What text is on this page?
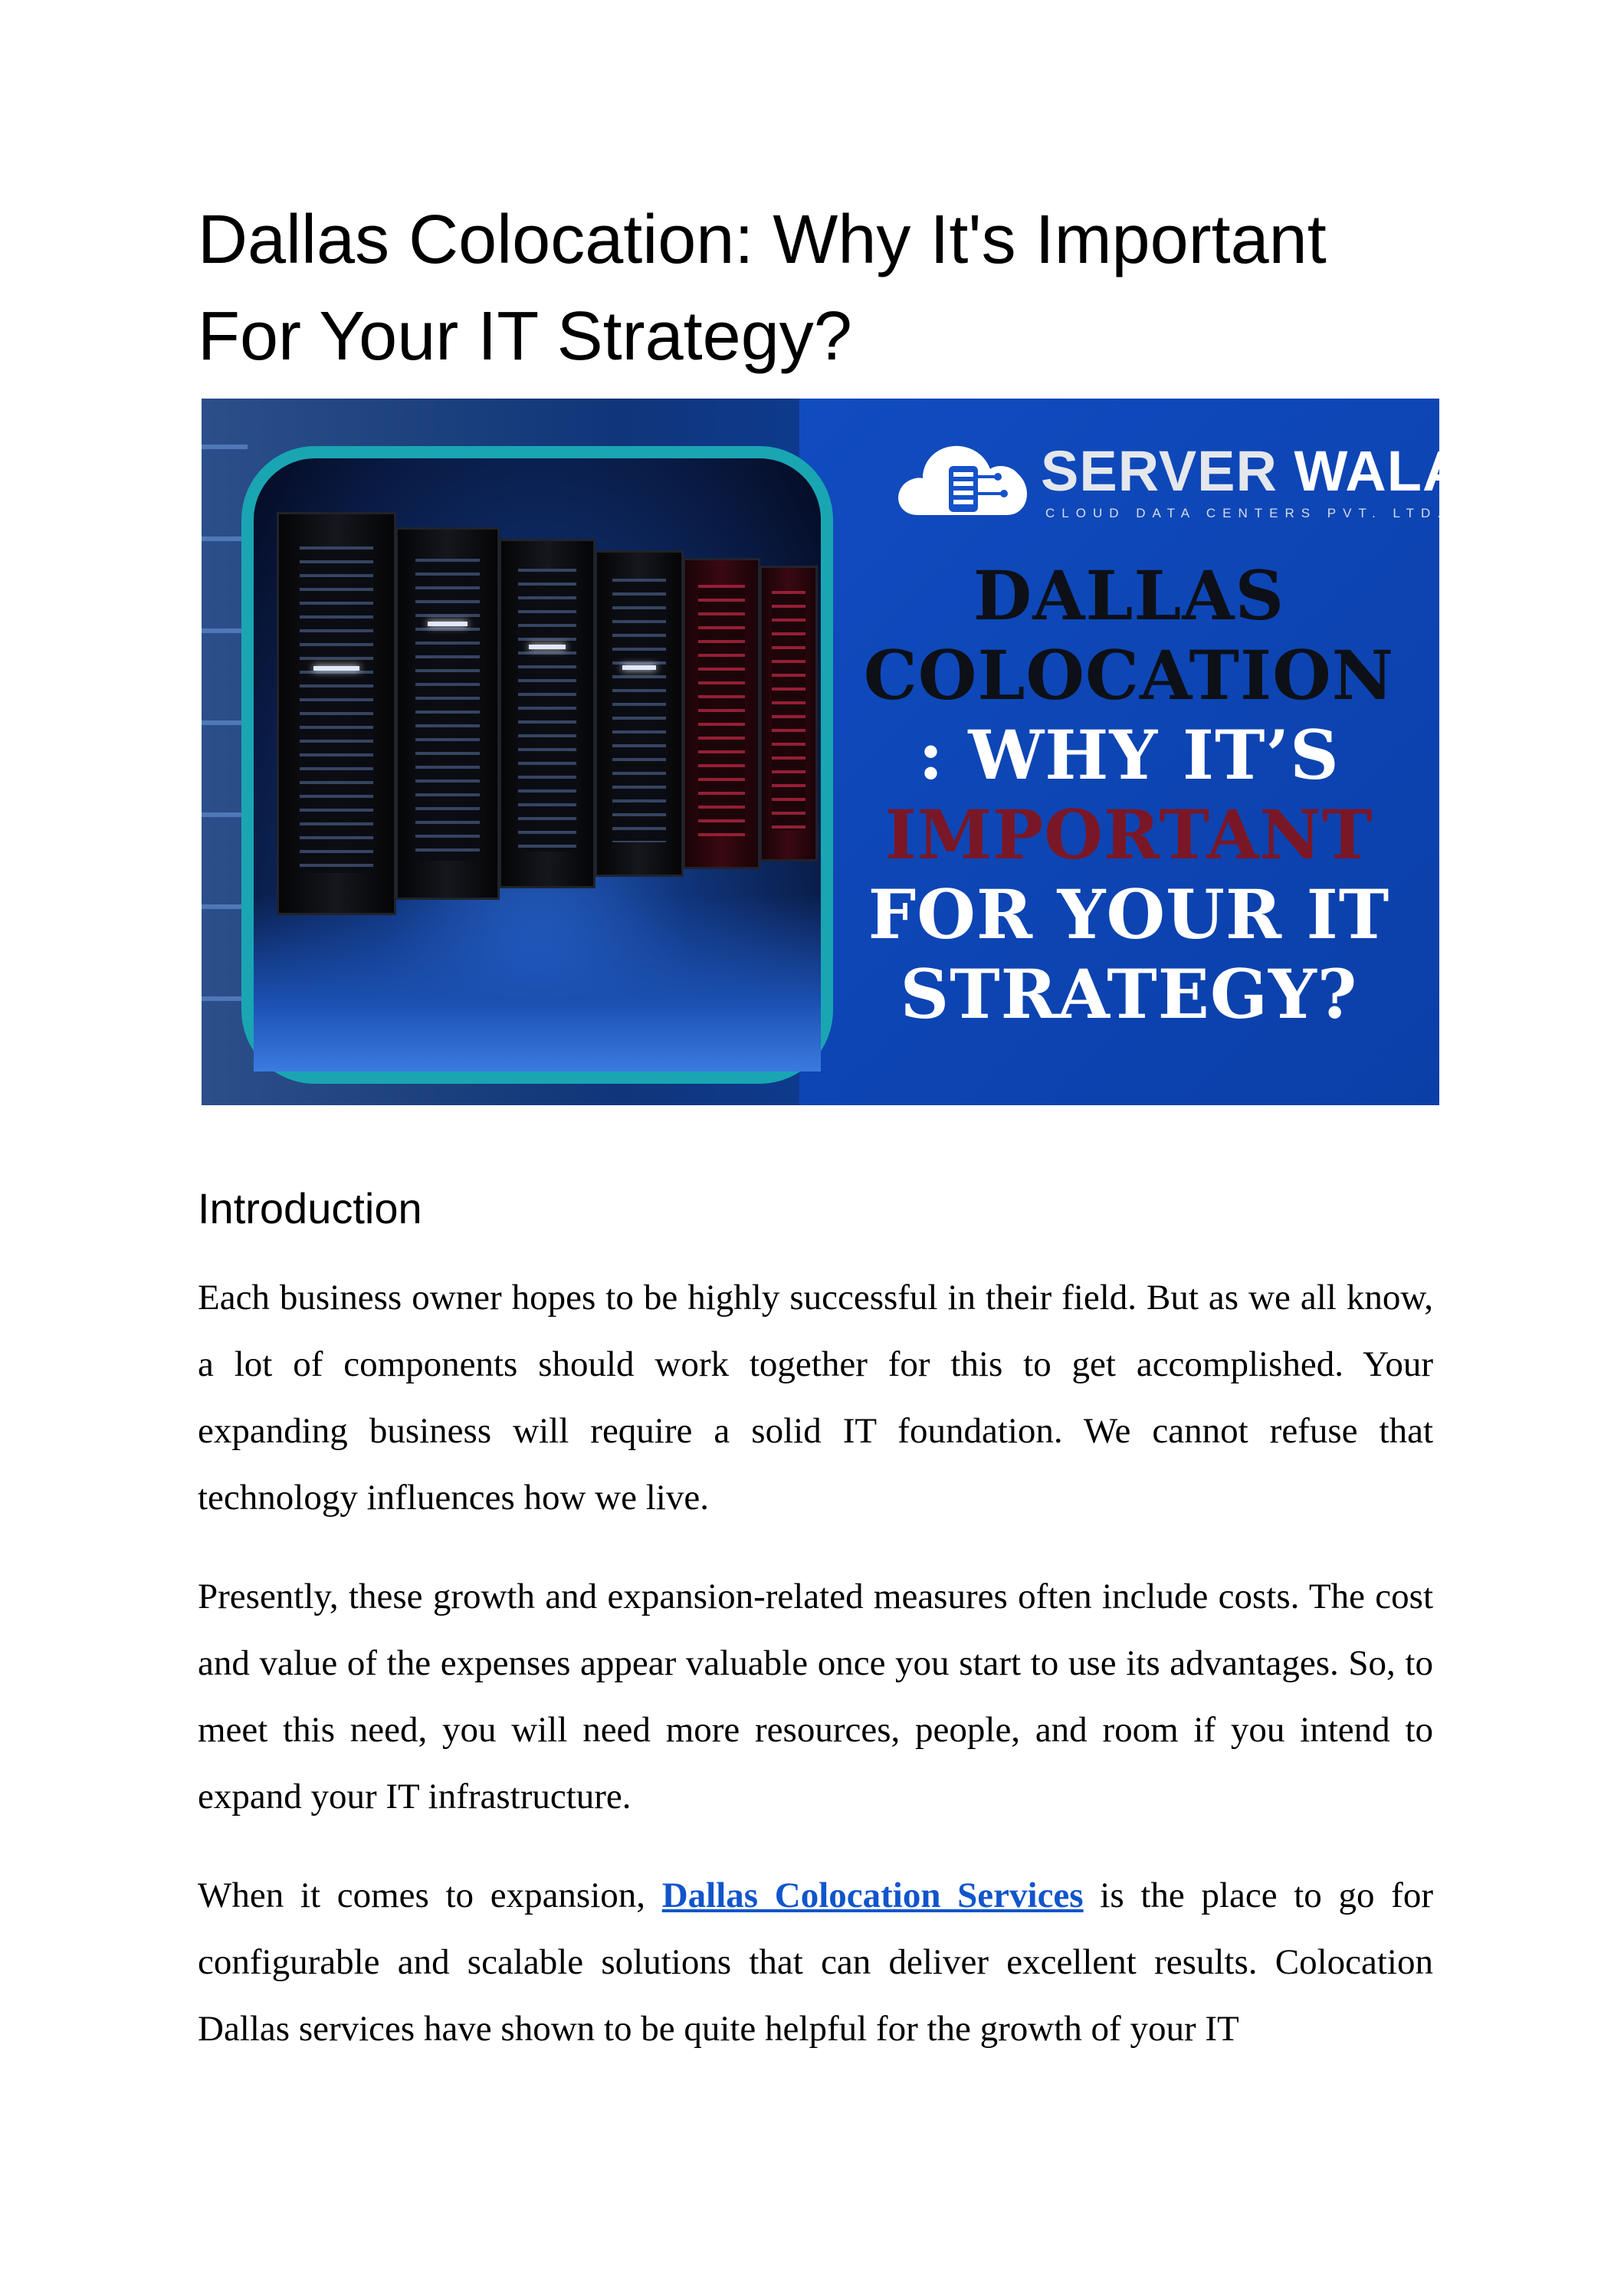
Dallas Colocation: Why It's Important
For Your IT Strategy?
SERVER WALA
CLOUD DATA CENTERS PVT. LTD.
DALLAS
COLOCATION
: WHY IT’S
IMPORTANT
FOR YOUR IT
STRATEGY?
Introduction

Each business owner hopes to be highly successful in their field. But as we all know, a lot of components should work together for this to get accomplished. Your expanding business will require a solid IT foundation. We cannot refuse that technology influences how we live.

Presently, these growth and expansion-related measures often include costs. The cost and value of the expenses appear valuable once you start to use its advantages. So, to meet this need, you will need more resources, people, and room if you intend to expand your IT infrastructure.

When it comes to expansion, Dallas Colocation Services is the place to go for configurable and scalable solutions that can deliver excellent results. Colocation Dallas services have shown to be quite helpful for the growth of your IT
